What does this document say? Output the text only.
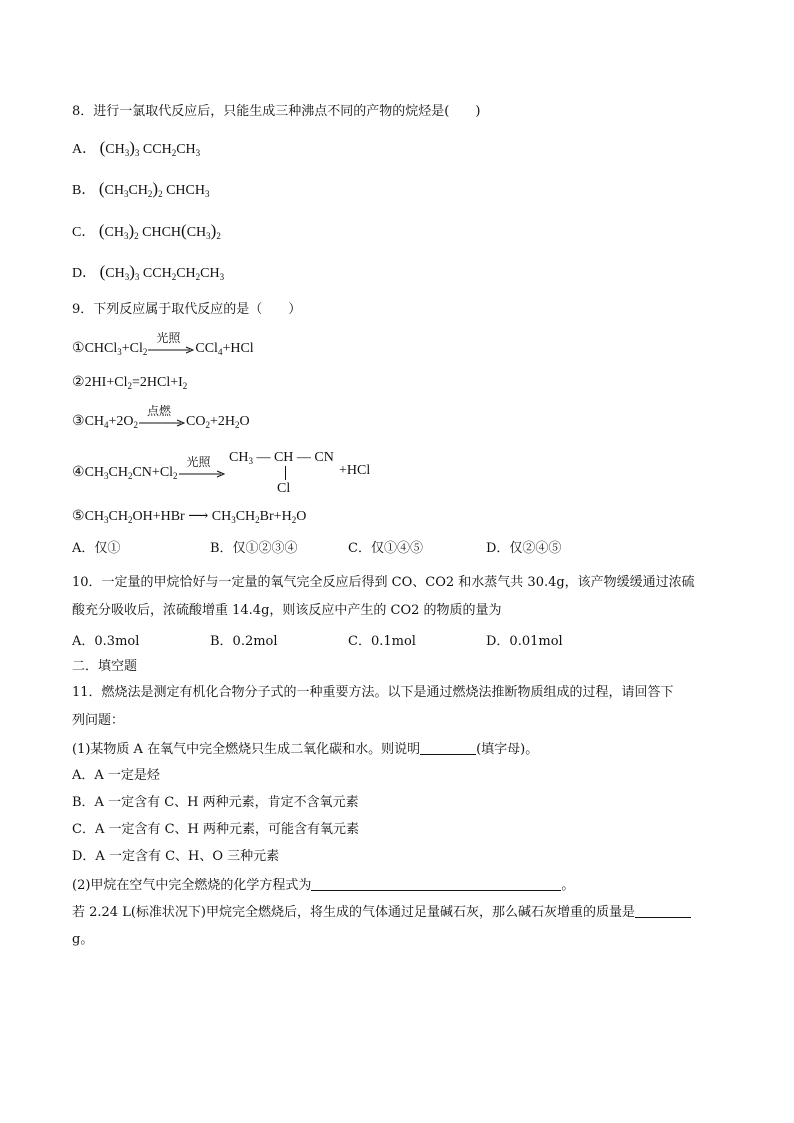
8．进行一氯取代反应后，只能生成三种沸点不同的产物的烷烃是(　　)
A． $(CH_3)_3$ $CCH_2CH_3$
B． $(CH_3CH_2)_2$ $CHCH_3$
C． $(CH_3)_2$ $CHCH(CH_3)_2$
D． $(CH_3)_3$ $CCH_2CH_2CH_3$
9．下列反应属于取代反应的是（　　）
$①CHCl_3+Cl_2$
光照
CCl$_4$+HCl
$②2HI+Cl_2=2HCl+I_2$
$③CH_4+2O_2$
点燃
$CO_2+2H_2O$
$④CH_3CH_2CN+Cl_2$
光照	$CH_3$ — CH — CN
Cl
+HCl
$⑤CH_3CH_2OH+HBr$ ⟶ $CH_3CH_2Br+H_2O$
A．仅①	B．仅①②③④	C．仅①④⑤	D．仅②④⑤
10．一定量的甲烷恰好与一定量的氧气完全反应后得到 CO、CO2 和水蒸气共 30.4g，该产物缓缓通过浓硫
酸充分吸收后，浓硫酸增重 14.4g，则该反应中产生的 CO2 的物质的量为
A．0.3mol	B．0.2mol	C．0.1mol	D．0.01mol
二．填空题
11．燃烧法是测定有机化合物分子式的一种重要方法。以下是通过燃烧法推断物质组成的过程，请回答下
列问题：
(1)某物质 A 在氧气中完全燃烧只生成二氧化碳和水。则说明	(填字母)。
A．A 一定是烃
B．A 一定含有 C、H 两种元素，肯定不含氧元素
C．A 一定含有 C、H 两种元素，可能含有氧元素
D．A 一定含有 C、H、O 三种元素
(2)甲烷在空气中完全燃烧的化学方程式为	。
若 2.24 L(标准状况下)甲烷完全燃烧后，将生成的气体通过足量碱石灰，那么碱石灰增重的质量是
g。
